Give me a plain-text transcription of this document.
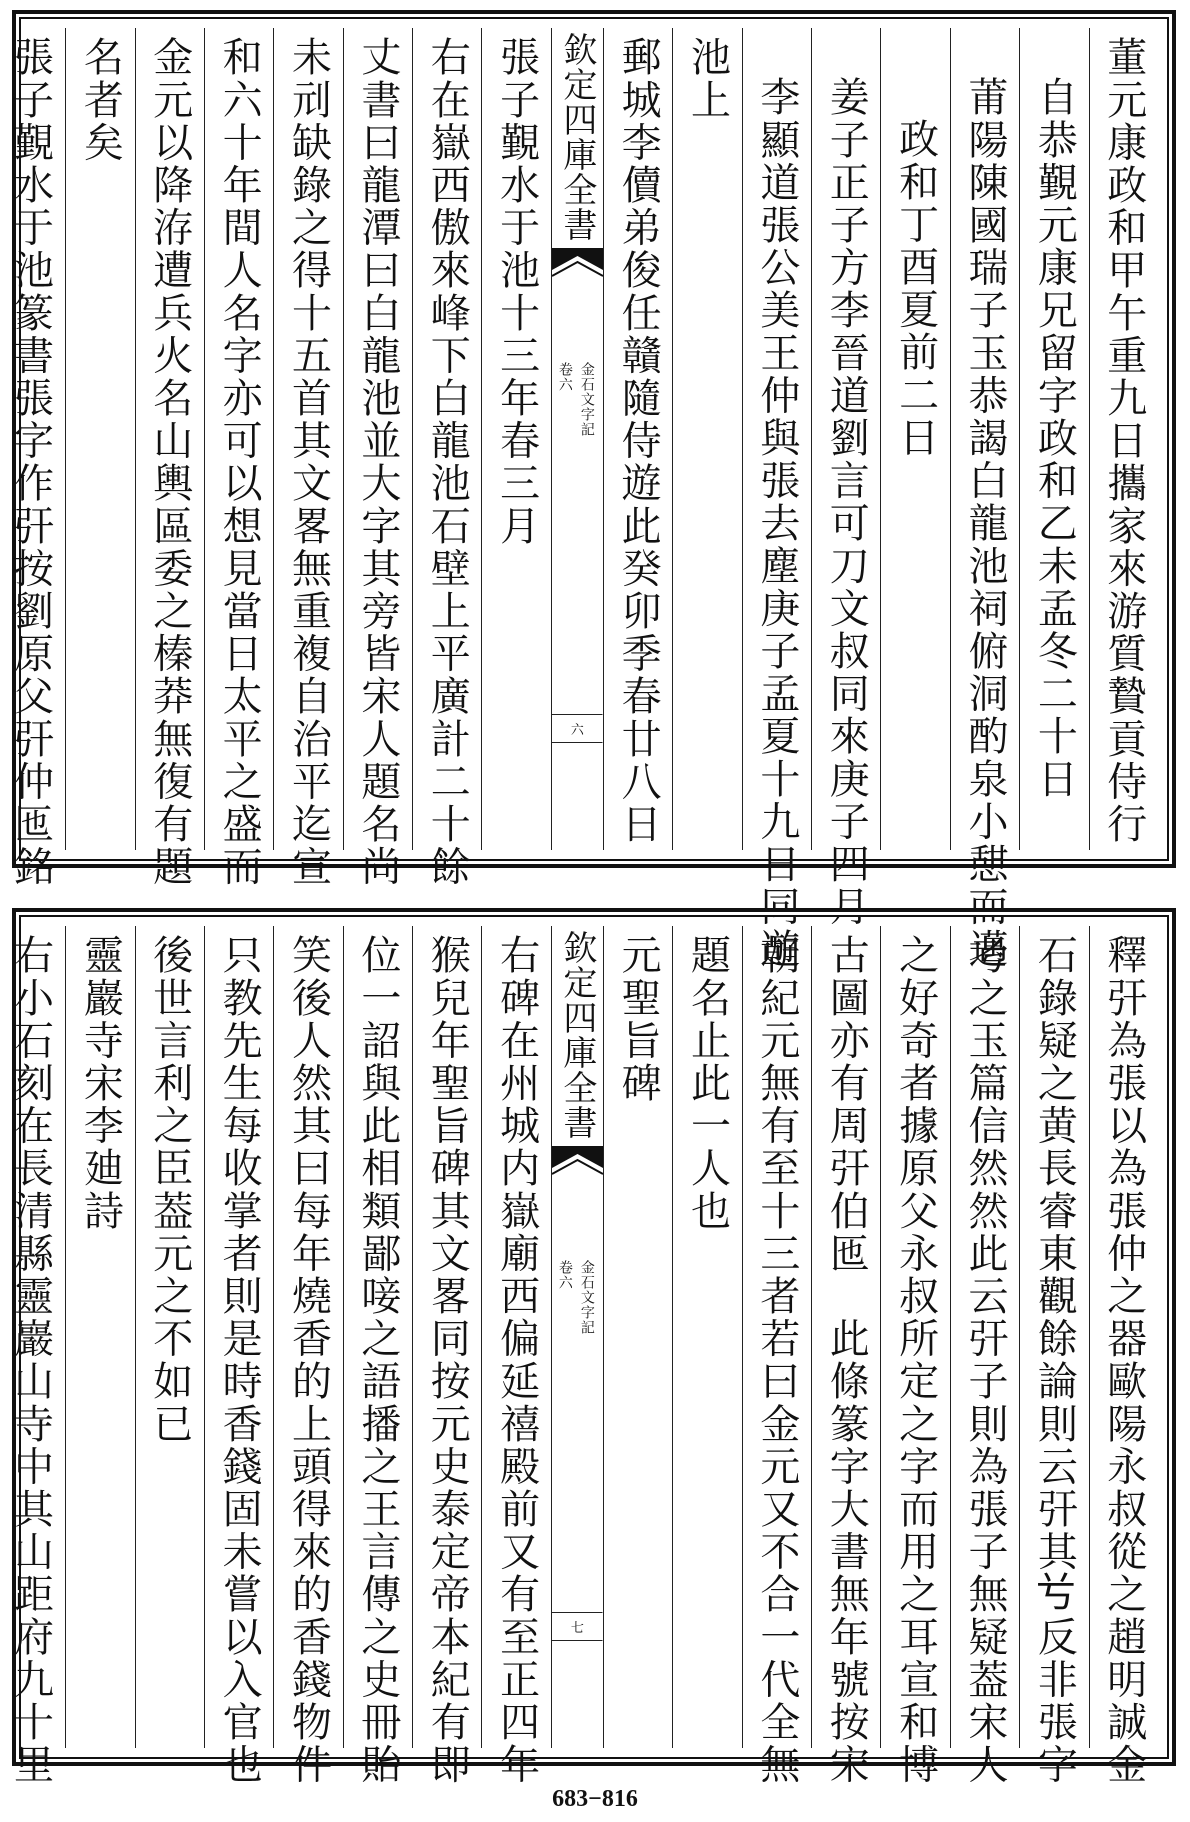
董元康政和甲午重九日攜家來游質贄貢侍行
自恭覲元康兄留字政和乙未孟冬二十日
莆陽陳國瑞子玉恭謁白龍池祠俯洞酌泉小憇而邁
政和丁酉夏前二日
姜子正子方李晉道劉言可刀文叔同來庚子四月
李顯道張公美王仲與張去塵庚子孟夏十九日同遊
池上
郵城李儥弟俊任贛隨侍遊此癸卯季春廿八日
欽定四庫全書
金石文字記
卷六
六
張子覲水于池十三年春三月
右在嶽西傲來峰下白龍池石壁上平廣計二十餘
丈書曰龍潭曰白龍池並大字其旁皆宋人題名尚
未刓缺錄之得十五首其文畧無重複自治平迄宣
和六十年間人名字亦可以想見當日太平之盛而
金元以降洊遭兵火名山輿區委之榛莽無復有題
名者矣
張子覲水于池篆書張字作㢨按劉原父㢨仲匜銘
釋㢨為張以為張仲之器歐陽永叔從之趙明誠金
石錄疑之黄長睿東觀餘論則云㢨其𠔃反非張字
考之玉篇信然然此云㢨子則為張子無疑葢宋人
之好奇者據原父永叔所定之字而用之耳宣和博
古圖亦有周㢨伯匜　此條篆字大書無年號按宋
朝紀元無有至十三者若曰金元又不合一代全無
題名止此一人也
元聖旨碑
欽定四庫全書
金石文字記
卷六
七
右碑在州城内嶽廟西偏延禧殿前又有至正四年
猴兒年聖旨碑其文畧同按元史泰定帝本紀有即
位一詔與此相類鄙唼之語播之王言傳之史冊貽
笑後人然其曰每年燒香的上頭得來的香錢物件
只教先生每收掌者則是時香錢固未嘗以入官也
後世言利之臣葢元之不如已
靈巖寺宋李廸詩
右小石刻在長清縣靈巖山寺中其山距府九十里
683−816
